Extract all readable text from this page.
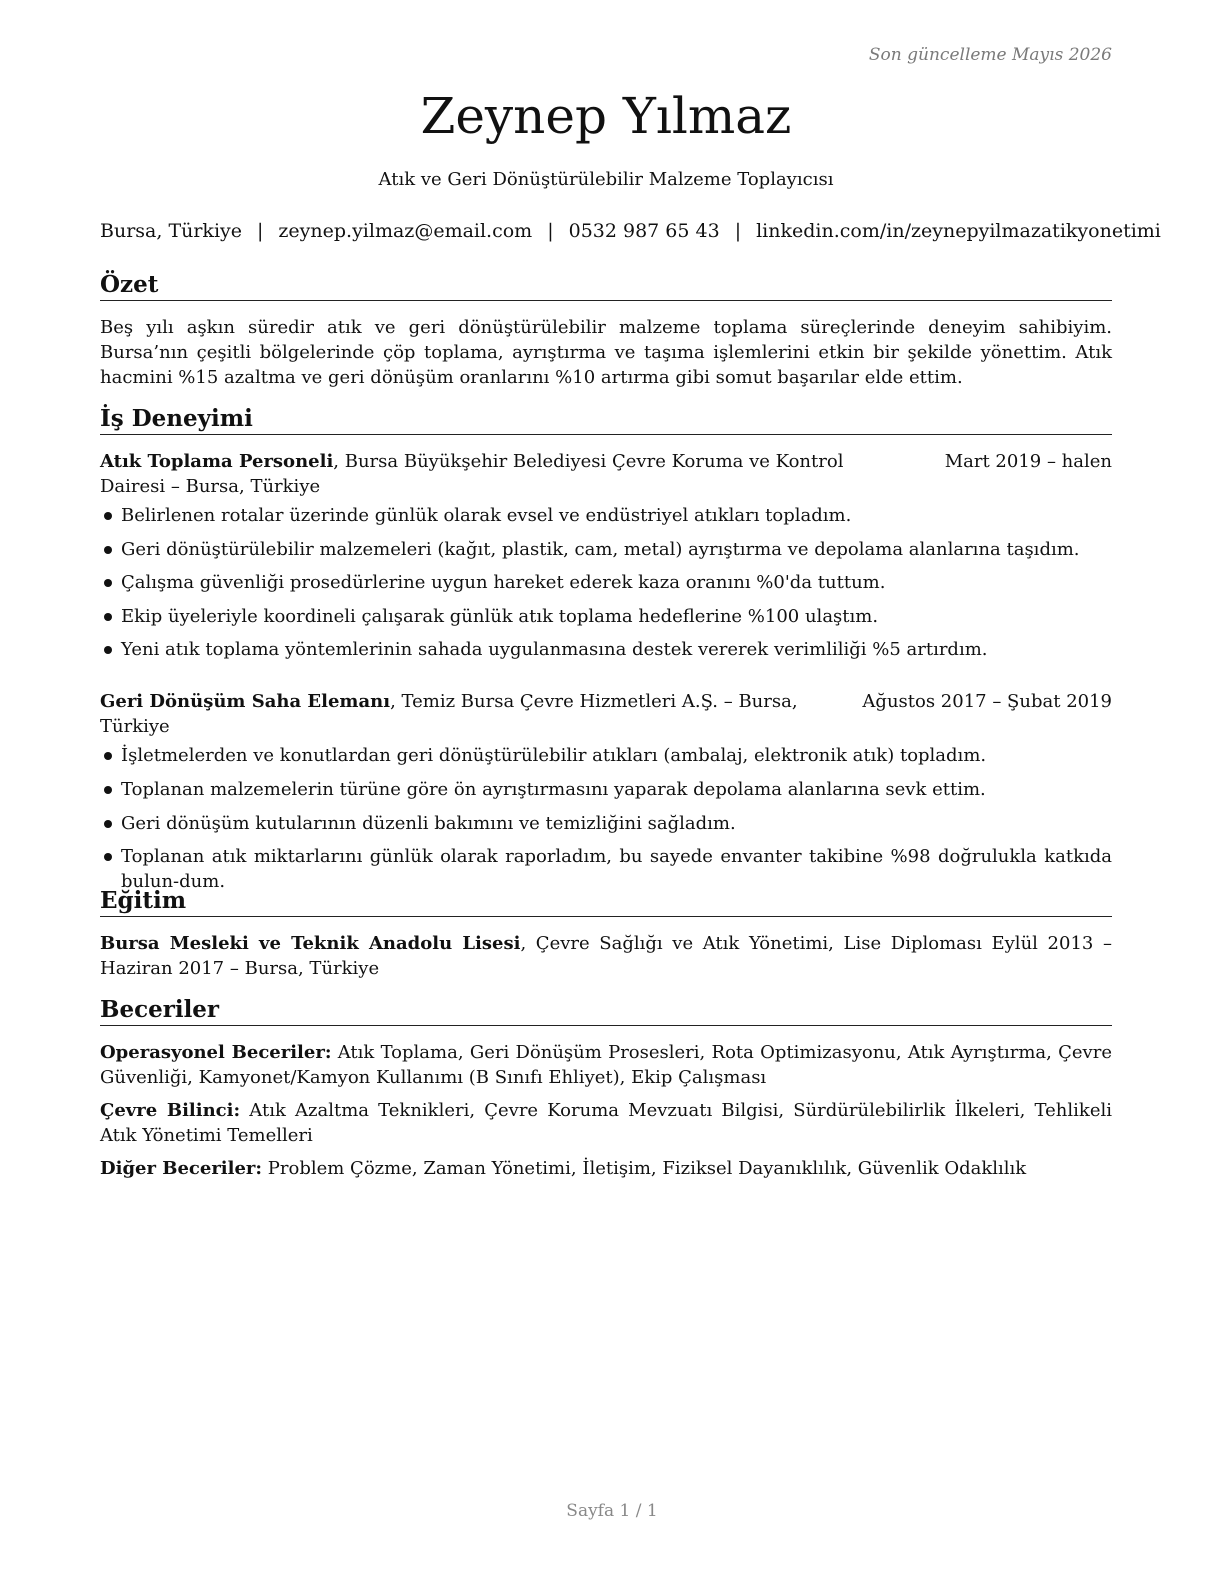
Son güncelleme Mayıs 2026
Zeynep Yılmaz
Atık ve Geri Dönüştürülebilir Malzeme Toplayıcısı
Bursa, Türkiye | zeynep.yilmaz@email.com | 0532 987 65 43 | linkedin.com/in/zeynepyilmazatikyonetimi
Özet

Beş yılı aşkın süredir atık ve geri dönüştürülebilir malzeme toplama süreçlerinde deneyim sahibiyim. Bursa’nın çeşitli bölgelerinde çöp toplama, ayrıştırma ve taşıma işlemlerini etkin bir şekilde yönettim. Atık hacmini %15 azaltma ve geri dönüşüm oranlarını %10 artırma gibi somut başarılar elde ettim.

İş Deneyimi
Atık Toplama Personeli, Bursa Büyükşehir Belediyesi Çevre Koruma ve Kontrol Dairesi – Bursa, Türkiye
Mart 2019 – halen
Belirlenen rotalar üzerinde günlük olarak evsel ve endüstriyel atıkları topladım.
Geri dönüştürülebilir malzemeleri (kağıt, plastik, cam, metal) ayrıştırma ve depolama alanlarına taşıdım.
Çalışma güvenliği prosedürlerine uygun hareket ederek kaza oranını %0'da tuttum.
Ekip üyeleriyle koordineli çalışarak günlük atık toplama hedeflerine %100 ulaştım.
Yeni atık toplama yöntemlerinin sahada uygulanmasına destek vererek verimliliği %5 artırdım.
Geri Dönüşüm Saha Elemanı, Temiz Bursa Çevre Hizmetleri A.Ş. – Bursa, Türkiye
Ağustos 2017 – Şubat 2019
İşletmelerden ve konutlardan geri dönüştürülebilir atıkları (ambalaj, elektronik atık) topladım.
Toplanan malzemelerin türüne göre ön ayrıştırmasını yaparak depolama alanlarına sevk ettim.
Geri dönüşüm kutularının düzenli bakımını ve temizliğini sağladım.
Toplanan atık miktarlarını günlük olarak raporladım, bu sayede envanter takibine %98 doğrulukla katkıda bulun-dum.
Eğitim

Bursa Mesleki ve Teknik Anadolu Lisesi, Çevre Sağlığı ve Atık Yönetimi, Lise Diploması Eylül 2013 – Haziran 2017 – Bursa, Türkiye

Beceriler

Operasyonel Beceriler: Atık Toplama, Geri Dönüşüm Prosesleri, Rota Optimizasyonu, Atık Ayrıştırma, Çevre Güvenliği, Kamyonet/Kamyon Kullanımı (B Sınıfı Ehliyet), Ekip Çalışması

Çevre Bilinci: Atık Azaltma Teknikleri, Çevre Koruma Mevzuatı Bilgisi, Sürdürülebilirlik İlkeleri, Tehlikeli Atık Yönetimi Temelleri

Diğer Beceriler: Problem Çözme, Zaman Yönetimi, İletişim, Fiziksel Dayanıklılık, Güvenlik Odaklılık

Sayfa 1 / 1
